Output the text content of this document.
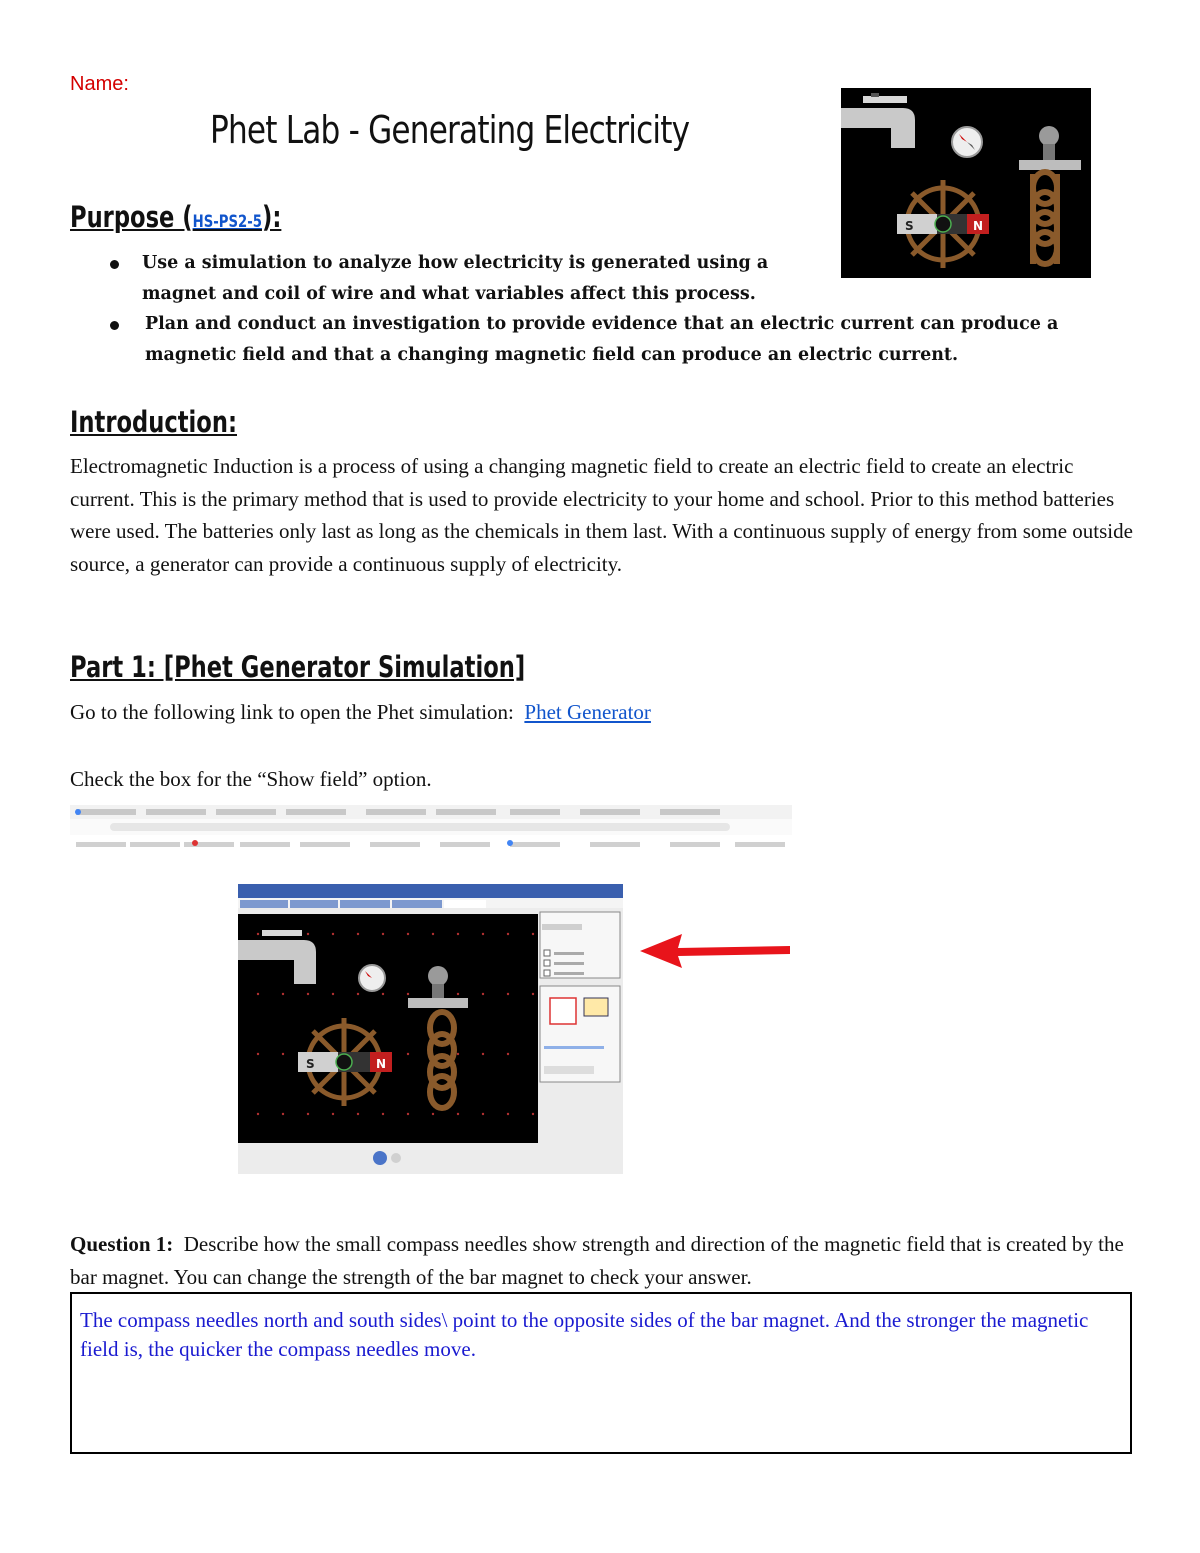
Name:
Phet Lab - Generating Electricity
S	N
Purpose (HS-PS2-5):
Use a simulation to analyze how electricity is generated using a magnet and coil of wire and what variables affect this process.
Plan and conduct an investigation to provide evidence that an electric current can produce a magnetic field and that a changing magnetic field can produce an electric current.
Introduction:
Electromagnetic Induction is a process of using a changing magnetic field to create an electric field to create an electric current. This is the primary method that is used to provide electricity to your home and school. Prior to this method batteries were used. The batteries only last as long as the chemicals in them last. With a continuous supply of energy from some outside source, a generator can provide a continuous supply of electricity.
Part 1: [Phet Generator Simulation]
Go to the following link to open the Phet simulation: Phet Generator
Check the box for the “Show field” option.
S	N
Question 1: Describe how the small compass needles show strength and direction of the magnetic field that is created by the bar magnet. You can change the strength of the bar magnet to check your answer.
The compass needles north and south sides\ point to the opposite sides of the bar magnet. And the stronger the magnetic field is, the quicker the compass needles move.
